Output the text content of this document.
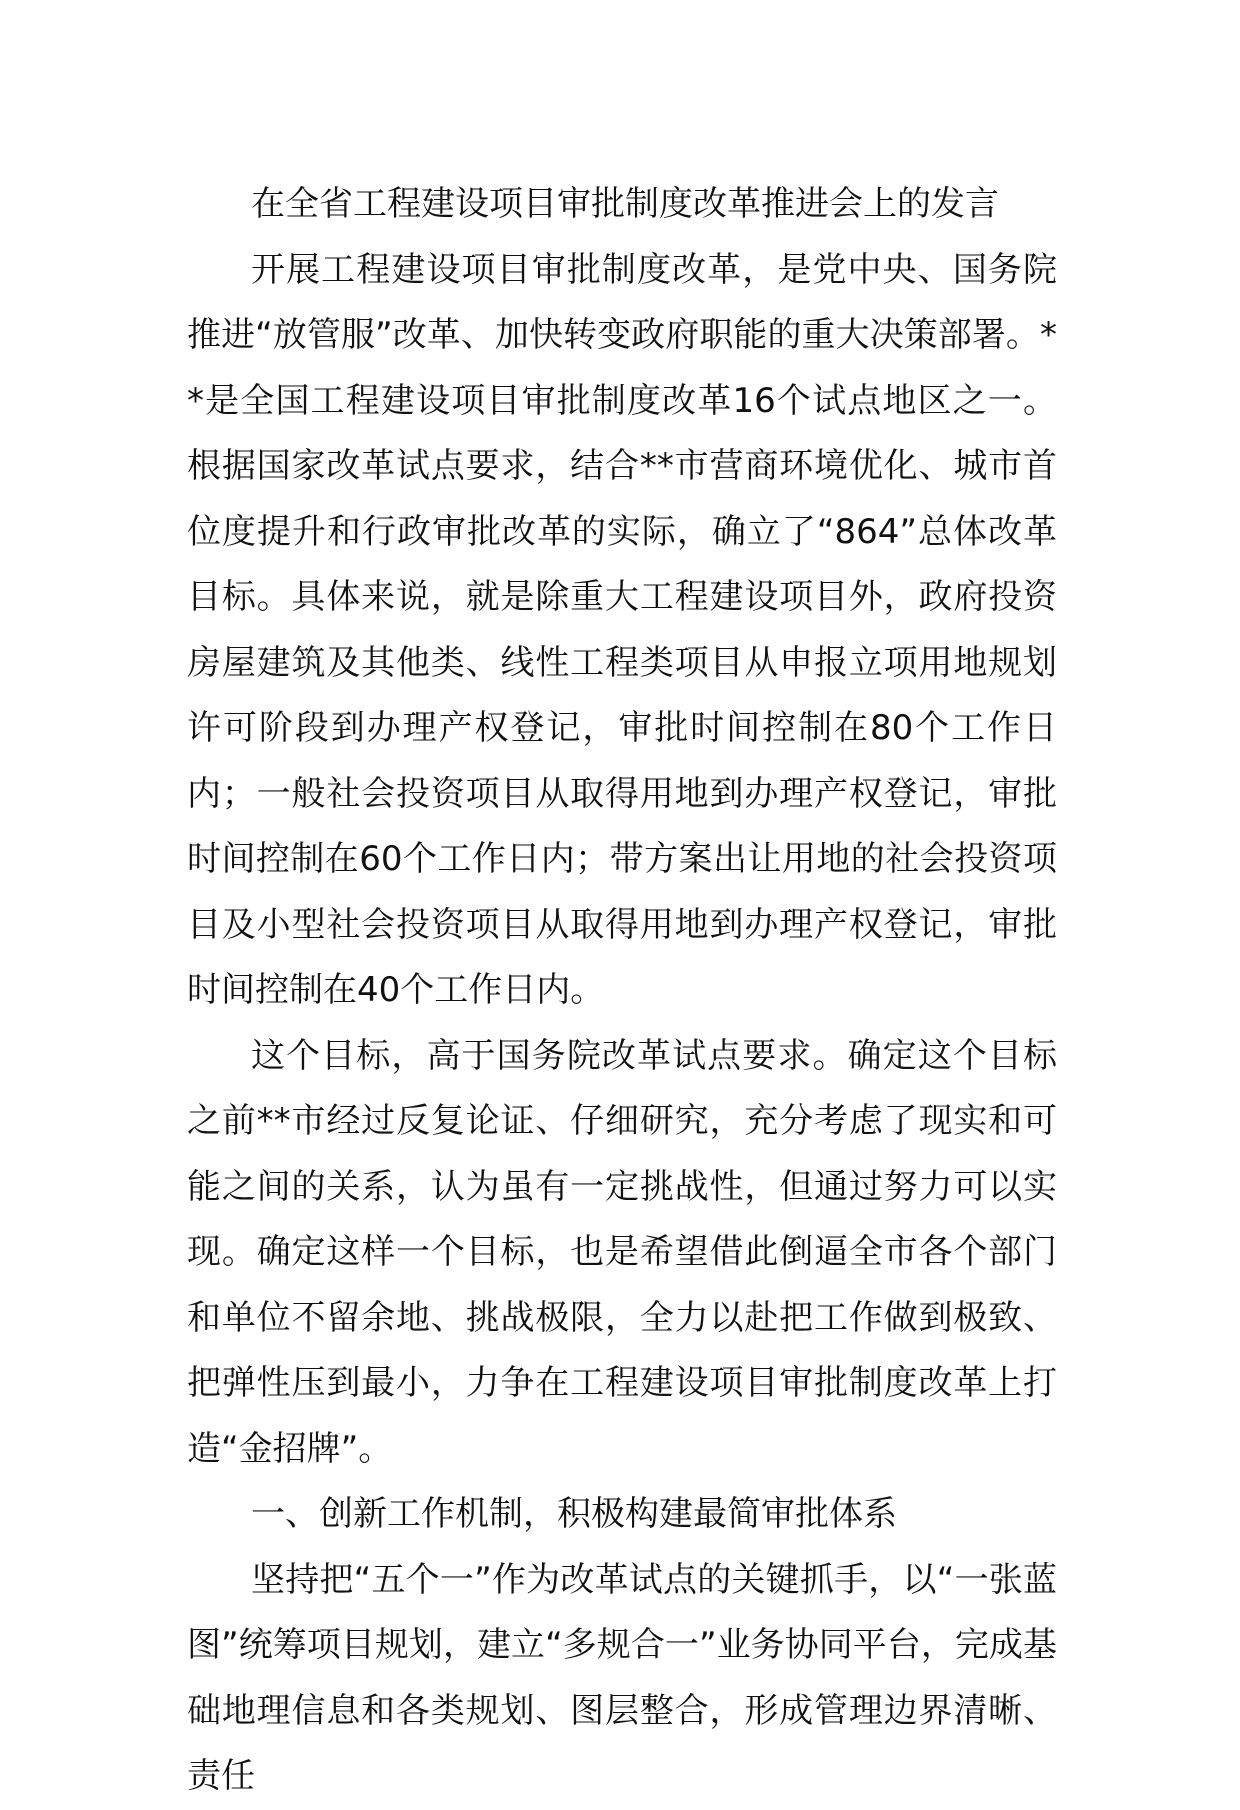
在全省工程建设项目审批制度改革推进会上的发言

开展工程建设项目审批制度改革，是党中央、国务院推进“放管服”改革、加快转变政府职能的重大决策部署。**是全国工程建设项目审批制度改革16个试点地区之一。根据国家改革试点要求，结合**市营商环境优化、城市首位度提升和行政审批改革的实际，确立了“864”总体改革目标。具体来说，就是除重大工程建设项目外，政府投资房屋建筑及其他类、线性工程类项目从申报立项用地规划许可阶段到办理产权登记，审批时间控制在80个工作日内；一般社会投资项目从取得用地到办理产权登记，审批时间控制在60个工作日内；带方案出让用地的社会投资项目及小型社会投资项目从取得用地到办理产权登记，审批时间控制在40个工作日内。

这个目标，高于国务院改革试点要求。确定这个目标之前**市经过反复论证、仔细研究，充分考虑了现实和可能之间的关系，认为虽有一定挑战性，但通过努力可以实现。确定这样一个目标，也是希望借此倒逼全市各个部门和单位不留余地、挑战极限，全力以赴把工作做到极致、把弹性压到最小，力争在工程建设项目审批制度改革上打造“金招牌”。

一、创新工作机制，积极构建最简审批体系

坚持把“五个一”作为改革试点的关键抓手，以“一张蓝图”统筹项目规划，建立“多规合一”业务协同平台，完成基础地理信息和各类规划、图层整合，形成管理边界清晰、责任
